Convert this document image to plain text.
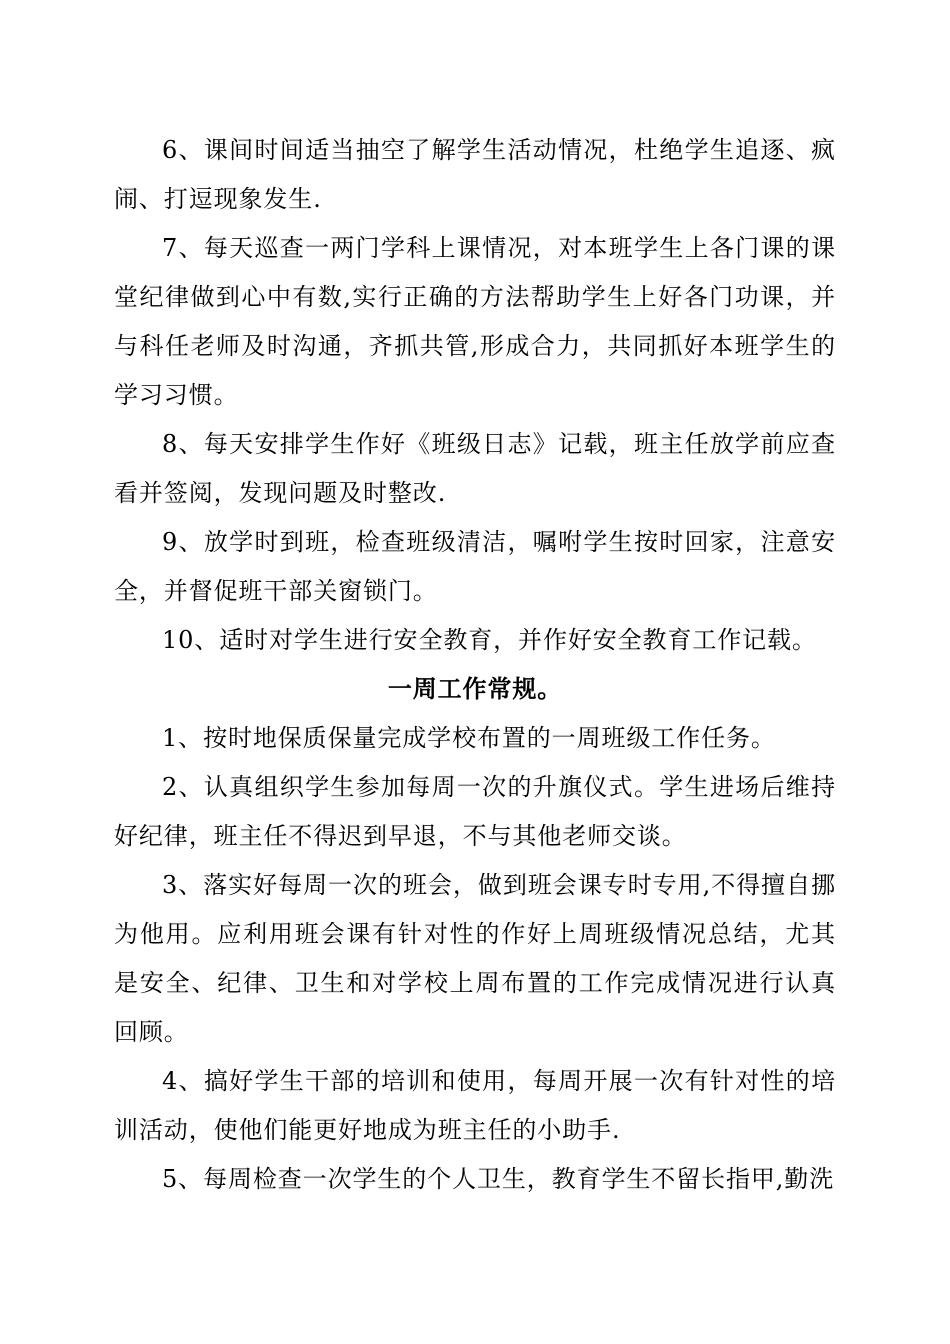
6、课间时间适当抽空了解学生活动情况，杜绝学生追逐、疯闹、打逗现象发生.

7、每天巡查一两门学科上课情况，对本班学生上各门课的课堂纪律做到心中有数,实行正确的方法帮助学生上好各门功课，并与科任老师及时沟通，齐抓共管,形成合力，共同抓好本班学生的学习习惯。

8、每天安排学生作好《班级日志》记载，班主任放学前应查看并签阅，发现问题及时整改.

9、放学时到班，检查班级清洁，嘱咐学生按时回家，注意安全，并督促班干部关窗锁门。

10、适时对学生进行安全教育，并作好安全教育工作记载。

一周工作常规。

1、按时地保质保量完成学校布置的一周班级工作任务。

2、认真组织学生参加每周一次的升旗仪式。学生进场后维持好纪律，班主任不得迟到早退，不与其他老师交谈。

3、落实好每周一次的班会，做到班会课专时专用,不得擅自挪为他用。应利用班会课有针对性的作好上周班级情况总结，尤其是安全、纪律、卫生和对学校上周布置的工作完成情况进行认真回顾。

4、搞好学生干部的培训和使用，每周开展一次有针对性的培训活动，使他们能更好地成为班主任的小助手.

5、每周检查一次学生的个人卫生，教育学生不留长指甲,勤洗
